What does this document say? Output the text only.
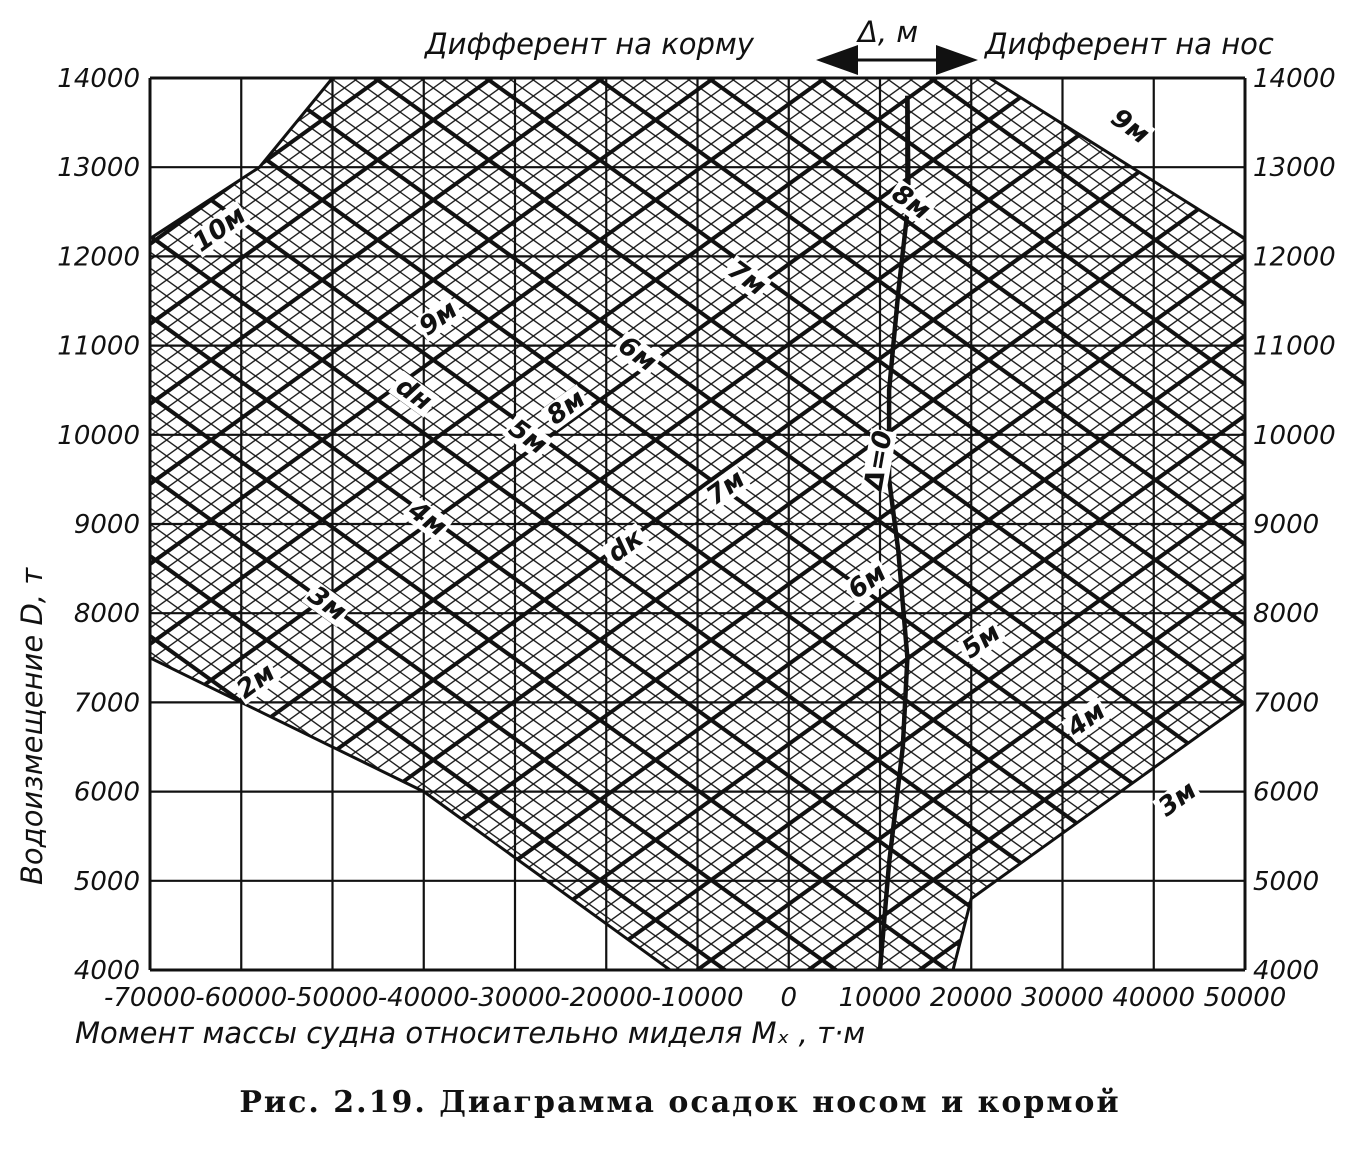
10м
9м
8м
7м
6м
5м
4м
3м
2м
9м
8м
7м
6м
5м
4м
3м
dн
dк
Δ=0
4000	4000
5000	5000
6000	6000
7000	7000
8000	8000
9000	9000
10000	10000
11000	11000
12000	12000
13000	13000
14000	14000
-70000 -60000 -50000 -40000 -30000 -20000 -10000 0 10000 20000 30000 40000 50000
Дифферент на корму	Δ, м Дифферент на нос
Момент массы судна относительно миделя Mₓ , т·м
Водоизмещение D, т
Рис. 2.19. Диаграмма осадок носом и кормой
